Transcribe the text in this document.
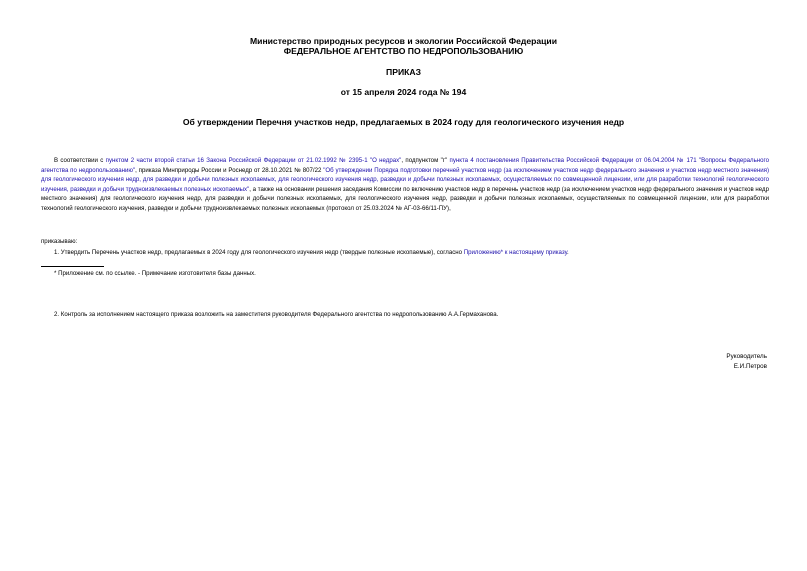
Министерство природных ресурсов и экологии Российской Федерации
ФЕДЕРАЛЬНОЕ АГЕНТСТВО ПО НЕДРОПОЛЬЗОВАНИЮ
ПРИКАЗ
от 15 апреля 2024 года № 194
Об утверждении Перечня участков недр, предлагаемых в 2024 году для геологического изучения недр
В соответствии с пунктом 2 части второй статьи 16 Закона Российской Федерации от 21.02.1992 № 2395-1 "О недрах", подпунктом "г" пункта 4 постановления Правительства Российской Федерации от 06.04.2004 № 171 "Вопросы Федерального агентства по недропользованию", приказа Минприроды России и Роснедр от 28.10.2021 № 807/22 "Об утверждении Порядка подготовки перечней участков недр (за исключением участков недр федерального значения и участков недр местного значения) для геологического изучения недр, для разведки и добычи полезных ископаемых, для геологического изучения недр, разведки и добычи полезных ископаемых, осуществляемых по совмещенной лицензии, или для разработки технологий геологического изучения, разведки и добычи трудноизвлекаемых полезных ископаемых", а также на основании решения заседания Комиссии по включению участков недр в перечень участков недр (за исключением участков недр федерального значения и участков недр местного значения) для геологического изучения недр, для разведки и добычи полезных ископаемых, для геологического изучения недр, разведки и добычи полезных ископаемых, осуществляемых по совмещенной лицензии, или для разработки технологий геологического изучения, разведки и добычи трудноизвлекаемых полезных ископаемых (протокол от 25.03.2024 № АГ-03-66/11-ПУ),
приказываю:
1. Утвердить Перечень участков недр, предлагаемых в 2024 году для геологического изучения недр (твердые полезные ископаемые), согласно Приложению* к настоящему приказу.
* Приложение см. по ссылке. - Примечание изготовителя базы данных.
2. Контроль за исполнением настоящего приказа возложить на заместителя руководителя Федерального агентства по недропользованию А.А.Гермаханова.
Руководитель
Е.И.Петров
